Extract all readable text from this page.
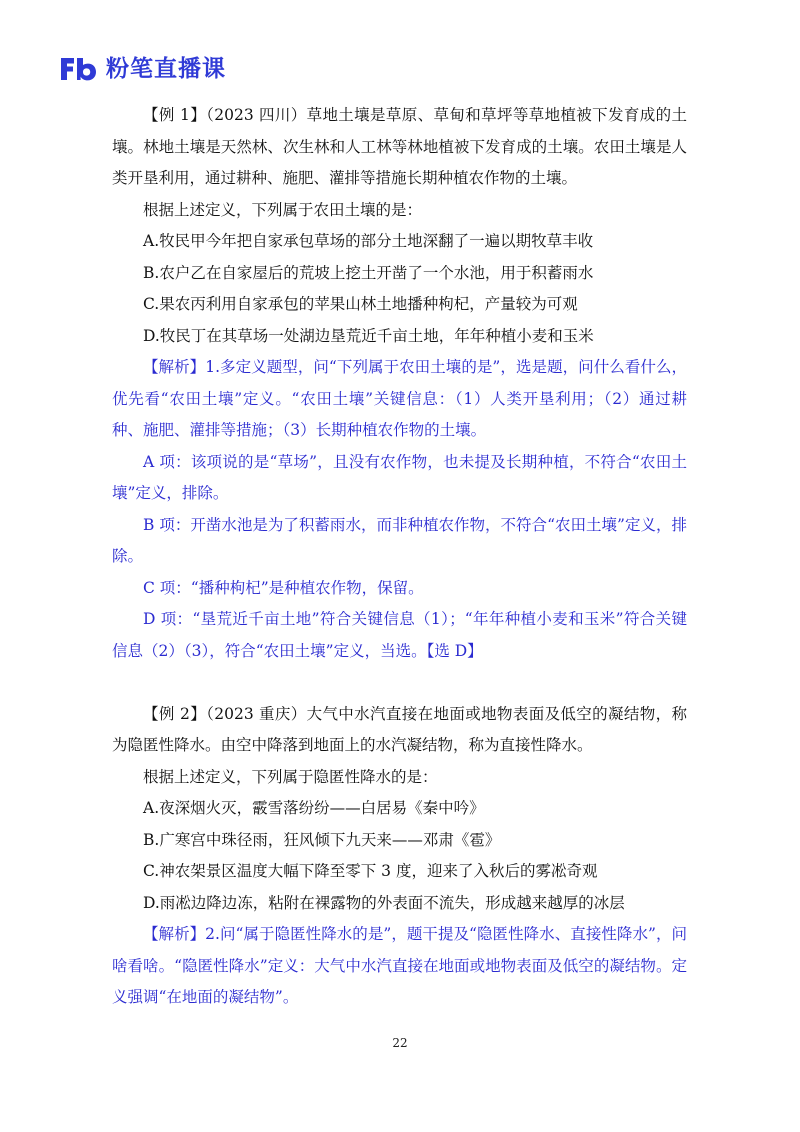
粉笔直播课

【例 1】（2023 四川）草地土壤是草原、草甸和草坪等草地植被下发育成的土壤。林地土壤是天然林、次生林和人工林等林地植被下发育成的土壤。农田土壤是人类开垦利用，通过耕种、施肥、灌排等措施长期种植农作物的土壤。

根据上述定义，下列属于农田土壤的是：

A.牧民甲今年把自家承包草场的部分土地深翻了一遍以期牧草丰收

B.农户乙在自家屋后的荒坡上挖土开凿了一个水池，用于积蓄雨水

C.果农丙利用自家承包的苹果山林土地播种枸杞，产量较为可观

D.牧民丁在其草场一处湖边垦荒近千亩土地，年年种植小麦和玉米

【解析】1.多定义题型，问“下列属于农田土壤的是”，选是题，问什么看什么，优先看“农田土壤”定义。“农田土壤”关键信息：（1）人类开垦利用；（2）通过耕种、施肥、灌排等措施；（3）长期种植农作物的土壤。

A 项：该项说的是“草场”，且没有农作物，也未提及长期种植，不符合“农田土壤”定义，排除。

B 项：开凿水池是为了积蓄雨水，而非种植农作物，不符合“农田土壤”定义，排除。

C 项：“播种枸杞”是种植农作物，保留。

D 项：“垦荒近千亩土地”符合关键信息（1）；“年年种植小麦和玉米”符合关键信息（2）（3），符合“农田土壤”定义，当选。【选 D】

【例 2】（2023 重庆）大气中水汽直接在地面或地物表面及低空的凝结物，称为隐匿性降水。由空中降落到地面上的水汽凝结物，称为直接性降水。

根据上述定义，下列属于隐匿性降水的是：

A.夜深烟火灭，霰雪落纷纷——白居易《秦中吟》

B.广寒宫中珠径雨，狂风倾下九天来——邓肃《雹》

C.神农架景区温度大幅下降至零下 3 度，迎来了入秋后的雾凇奇观

D.雨凇边降边冻，粘附在裸露物的外表面不流失，形成越来越厚的冰层

【解析】2.问“属于隐匿性降水的是”，题干提及“隐匿性降水、直接性降水”，问啥看啥。“隐匿性降水”定义：大气中水汽直接在地面或地物表面及低空的凝结物。定义强调“在地面的凝结物”。

22
